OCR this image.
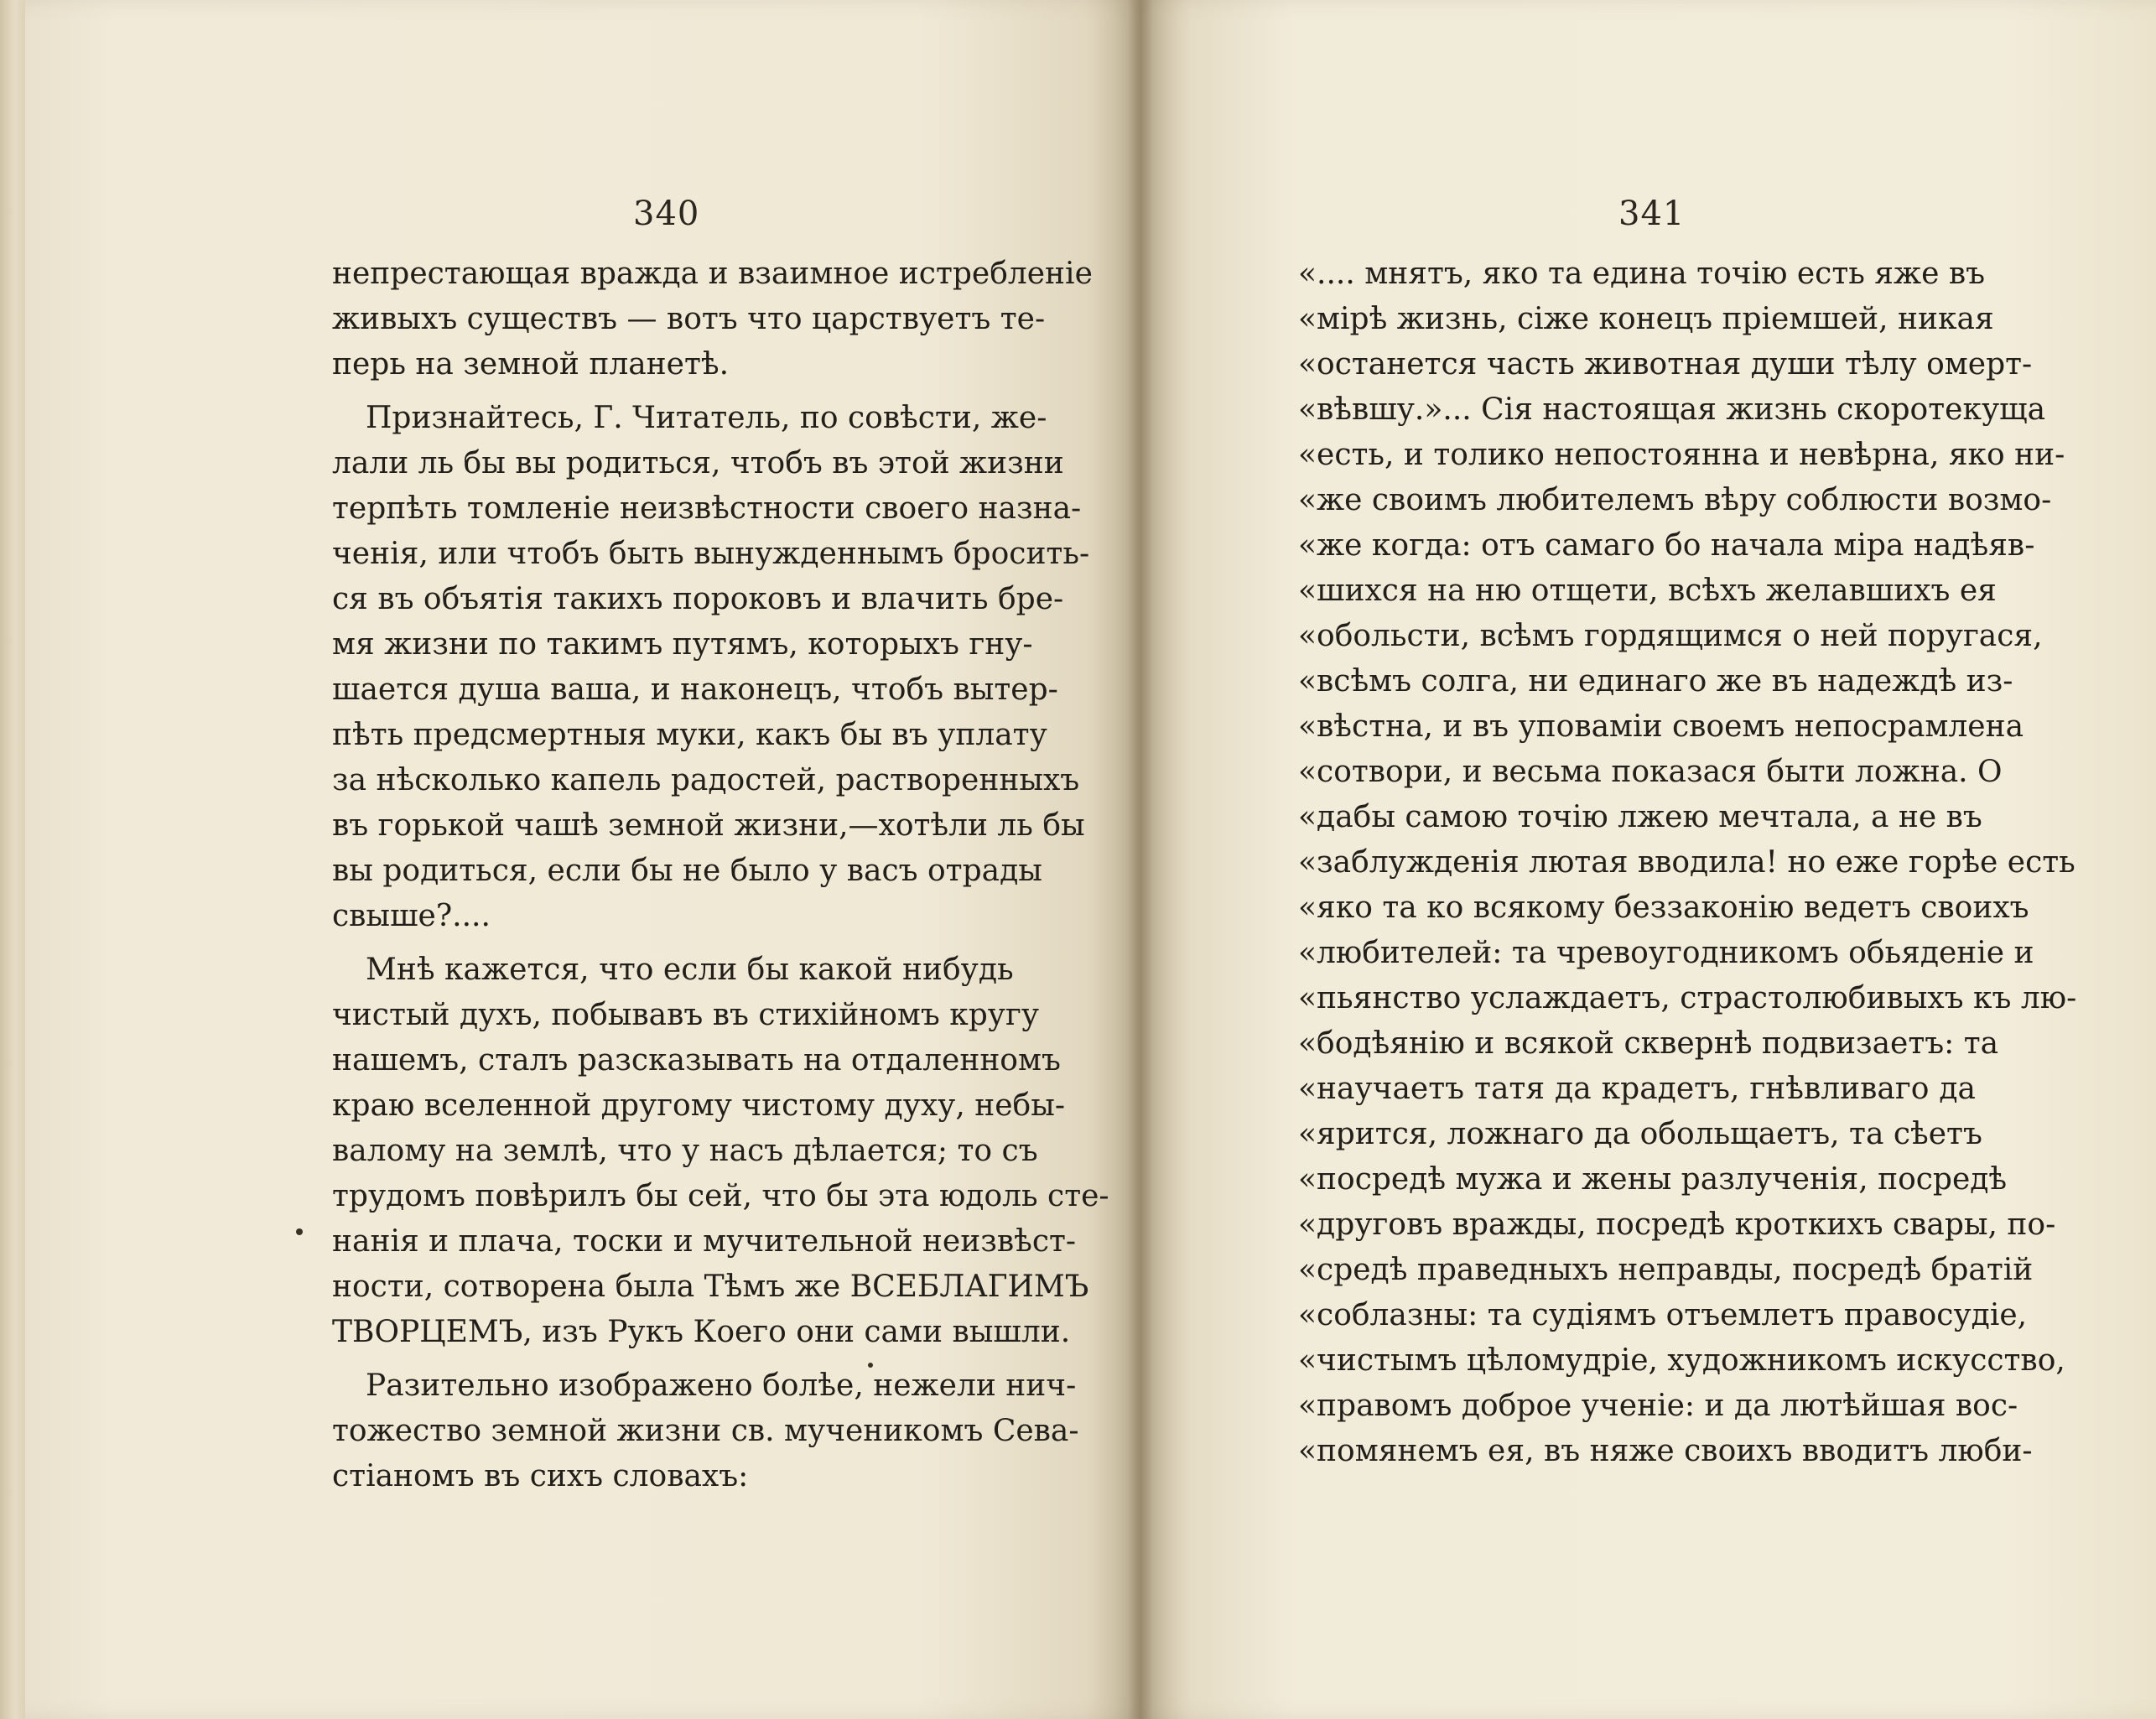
340
непрестающая вражда и взаимное истребленіе
живыхъ существъ — вотъ что царствуетъ те-
перь на земной планетѣ.
Признайтесь, Г. Читатель, по совѣсти, же-
лали ль бы вы родиться, чтобъ въ этой жизни
терпѣть томленіе неизвѣстности своего назна-
ченія, или чтобъ быть вынужденнымъ бросить-
ся въ объятія такихъ пороковъ и влачить бре-
мя жизни по такимъ путямъ, которыхъ гну-
шается душа ваша, и наконецъ, чтобъ вытер-
пѣть предсмертныя муки, какъ бы въ уплату
за нѣсколько капель радостей, растворенныхъ
въ горькой чашѣ земной жизни,—хотѣли ль бы
вы родиться, если бы не было у васъ отрады
свыше?....
Мнѣ кажется, что если бы какой нибудь
чистый духъ, побывавъ въ стихійномъ кругу
нашемъ, сталъ разсказывать на отдаленномъ
краю вселенной другому чистому духу, небы-
валому на землѣ, что у насъ дѣлается; то съ
трудомъ повѣрилъ бы сей, что бы эта юдоль сте-
нанія и плача, тоски и мучительной неизвѣст-
ности, сотворена была Тѣмъ же ВСЕБЛАГИМЪ
ТВОРЦЕМЪ, изъ Рукъ Коего они сами вышли.
Разительно изображено болѣе, нежели нич-
тожество земной жизни св. мученикомъ Сева-
стіаномъ въ сихъ словахъ:
341
«.... мнятъ, яко та едина точію есть яже въ
«мірѣ жизнь, сіже конецъ пріемшей, никая
«останется часть животная души тѣлу омерт-
«вѣвшу.»... Сія настоящая жизнь скоротекуща
«есть, и толико непостоянна и невѣрна, яко ни-
«же своимъ любителемъ вѣру соблюсти возмо-
«же когда: отъ самаго бо начала міра надѣяв-
«шихся на ню отщети, всѣхъ желавшихъ ея
«обольсти, всѣмъ гордящимся о ней поругася,
«всѣмъ солга, ни единаго же въ надеждѣ из-
«вѣстна, и въ уповаміи своемъ непосрамлена
«сотвори, и весьма показася быти ложна. О
«дабы самою точію лжею мечтала, а не въ
«заблужденія лютая вводила! но еже горѣе есть
«яко та ко всякому беззаконію ведетъ своихъ
«любителей: та чревоугодникомъ обьяденіе и
«пьянство услаждаетъ, страстолюбивыхъ къ лю-
«бодѣянію и всякой сквернѣ подвизаетъ: та
«научаетъ татя да крадетъ, гнѣвливаго да
«ярится, ложнаго да обольщаетъ, та сѣетъ
«посредѣ мужа и жены разлученія, посредѣ
«друговъ вражды, посредѣ кроткихъ свары, по-
«средѣ праведныхъ неправды, посредѣ братій
«соблазны: та судіямъ отъемлетъ правосудіе,
«чистымъ цѣломудріе, художникомъ искусство,
«правомъ доброе ученіе: и да лютѣйшая вос-
«помянемъ ея, въ няже своихъ вводитъ люби-
